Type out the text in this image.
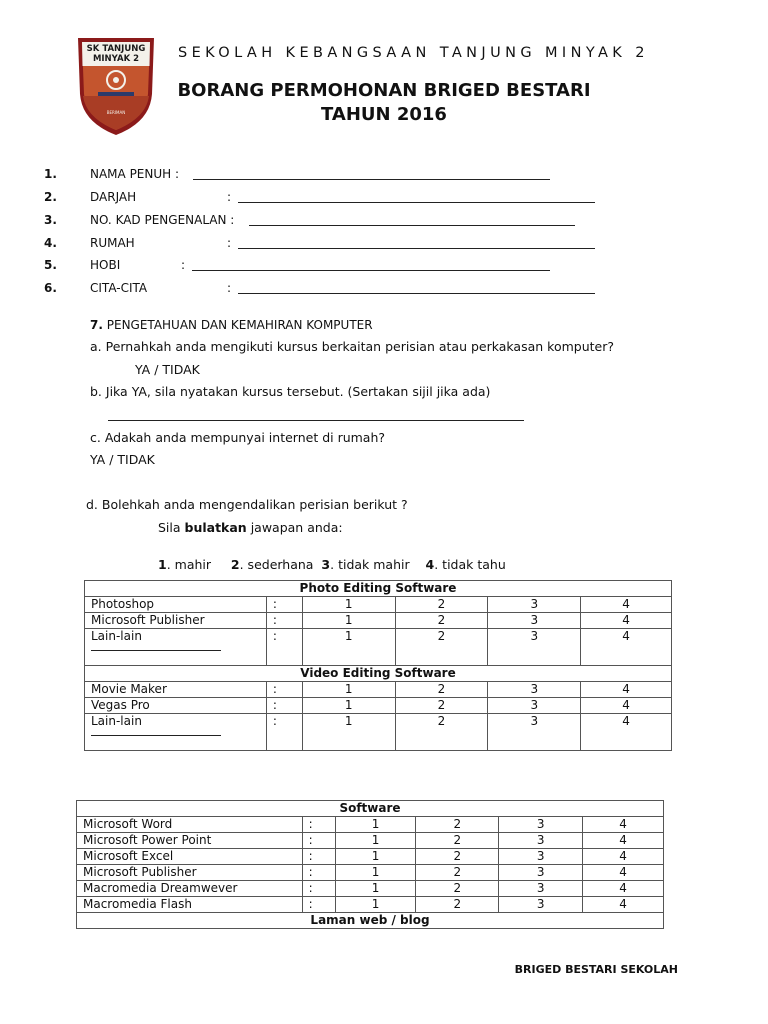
SK TANJUNG
MINYAK 2
BERIMAN
SEKOLAH KEBANGSAAN TANJUNG MINYAK 2
BORANG PERMOHONAN BRIGED BESTARI
TAHUN 2016
1.	NAMA PENUH :
2.	DARJAH	:
3.	NO. KAD PENGENALAN :
4.	RUMAH	:
5.	HOBI	:
6.	CITA-CITA	:
7. PENGETAHUAN DAN KEMAHIRAN KOMPUTER
a. Pernahkah anda mengikuti kursus berkaitan perisian atau perkakasan komputer?
YA / TIDAK
b. Jika YA, sila nyatakan kursus tersebut. (Sertakan sijil jika ada)
c. Adakah anda mempunyai internet di rumah?
YA / TIDAK
d. Bolehkah anda mengendalikan perisian berikut ?
Sila bulatkan jawapan anda:
1. mahir 2. sederhana 3. tidak mahir 4. tidak tahu
Photo Editing Software					
Photoshop	:	1	2	3	4
Microsoft Publisher	:	1	2	3	4
Lain-lain	:	1	2	3	4
Video Editing Software					
Movie Maker	:	1	2	3	4
Vegas Pro	:	1	2	3	4
Lain-lain	:	1	2	3	4
Software					
Microsoft Word	:	1	2	3	4
Microsoft Power Point	:	1	2	3	4
Microsoft Excel	:	1	2	3	4
Microsoft Publisher	:	1	2	3	4
Macromedia Dreamwever	:	1	2	3	4
Macromedia Flash	:	1	2	3	4
Laman web / blog					
BRIGED BESTARI SEKOLAH
